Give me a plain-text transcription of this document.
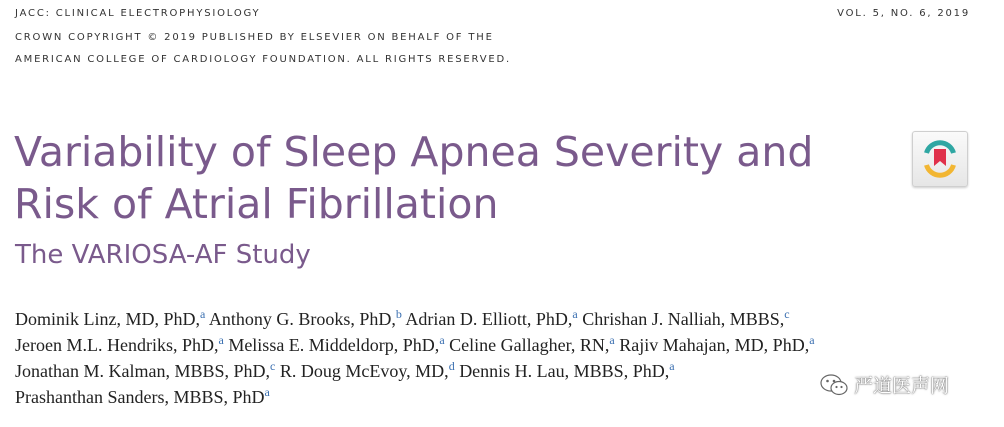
JACC: CLINICAL ELECTROPHYSIOLOGY
CROWN COPYRIGHT © 2019 PUBLISHED BY ELSEVIER ON BEHALF OF THE
AMERICAN COLLEGE OF CARDIOLOGY FOUNDATION. ALL RIGHTS RESERVED.
VOL. 5, NO. 6, 2019
Variability of Sleep Apnea Severity and
Risk of Atrial Fibrillation
The VARIOSA-AF Study
Dominik Linz, MD, PhD,$^a$ Anthony G. Brooks, PhD,$^b$ Adrian D. Elliott, PhD,$^a$ Chrishan J. Nalliah, MBBS,$^c$
Jeroen M.L. Hendriks, PhD,$^a$ Melissa E. Middeldorp, PhD,$^a$ Celine Gallagher, RN,$^a$ Rajiv Mahajan, MD, PhD,$^a$
Jonathan M. Kalman, MBBS, PhD,$^c$ R. Doug McEvoy, MD,$^d$ Dennis H. Lau, MBBS, PhD,$^a$
Prashanthan Sanders, MBBS, PhD$^a$	严道医声网
